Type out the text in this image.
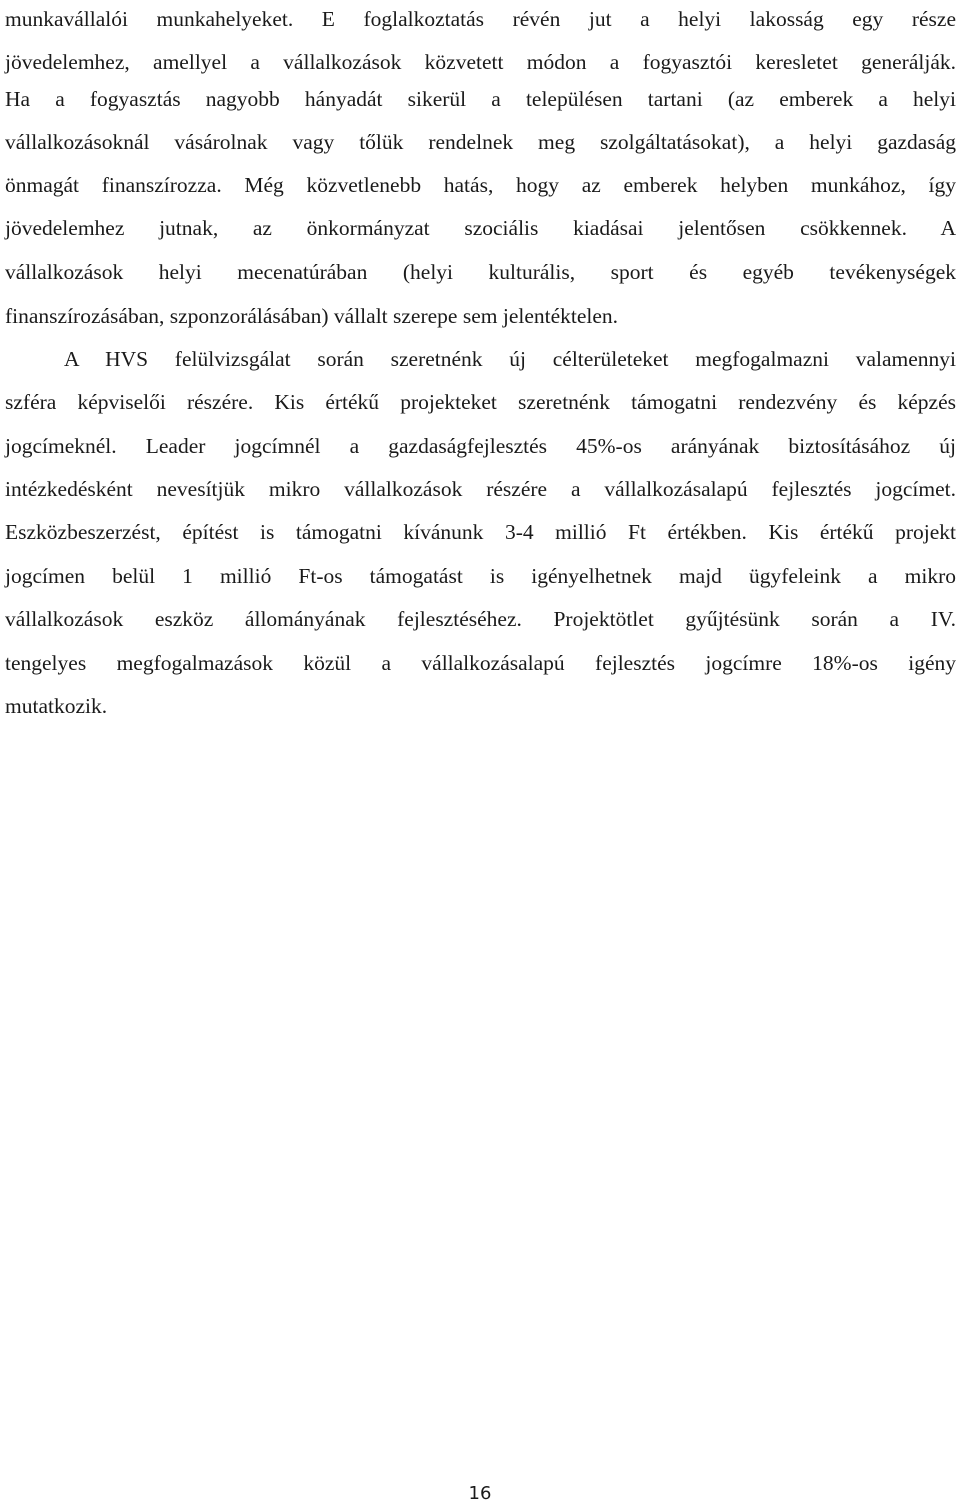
munkavállalói munkahelyeket. E foglalkoztatás révén jut a helyi lakosság egy része
jövedelemhez, amellyel a vállalkozások közvetett módon a fogyasztói keresletet generálják.
Ha a fogyasztás nagyobb hányadát sikerül a településen tartani (az emberek a helyi
vállalkozásoknál vásárolnak vagy tőlük rendelnek meg szolgáltatásokat), a helyi gazdaság
önmagát finanszírozza. Még közvetlenebb hatás, hogy az emberek helyben munkához, így
jövedelemhez jutnak, az önkormányzat szociális kiadásai jelentősen csökkennek. A
vállalkozások helyi mecenatúrában (helyi kulturális, sport és egyéb tevékenységek
finanszírozásában, szponzorálásában) vállalt szerepe sem jelentéktelen.
A HVS felülvizsgálat során szeretnénk új célterületeket megfogalmazni valamennyi
szféra képviselői részére. Kis értékű projekteket szeretnénk támogatni rendezvény és képzés
jogcímeknél. Leader jogcímnél a gazdaságfejlesztés 45%-os arányának biztosításához új
intézkedésként nevesítjük mikro vállalkozások részére a vállalkozásalapú fejlesztés jogcímet.
Eszközbeszerzést, építést is támogatni kívánunk 3-4 millió Ft értékben. Kis értékű projekt
jogcímen belül 1 millió Ft-os támogatást is igényelhetnek majd ügyfeleink a mikro
vállalkozások eszköz állományának fejlesztéséhez. Projektötlet gyűjtésünk során a IV.
tengelyes megfogalmazások közül a vállalkozásalapú fejlesztés jogcímre 18%-os igény
mutatkozik.
16
